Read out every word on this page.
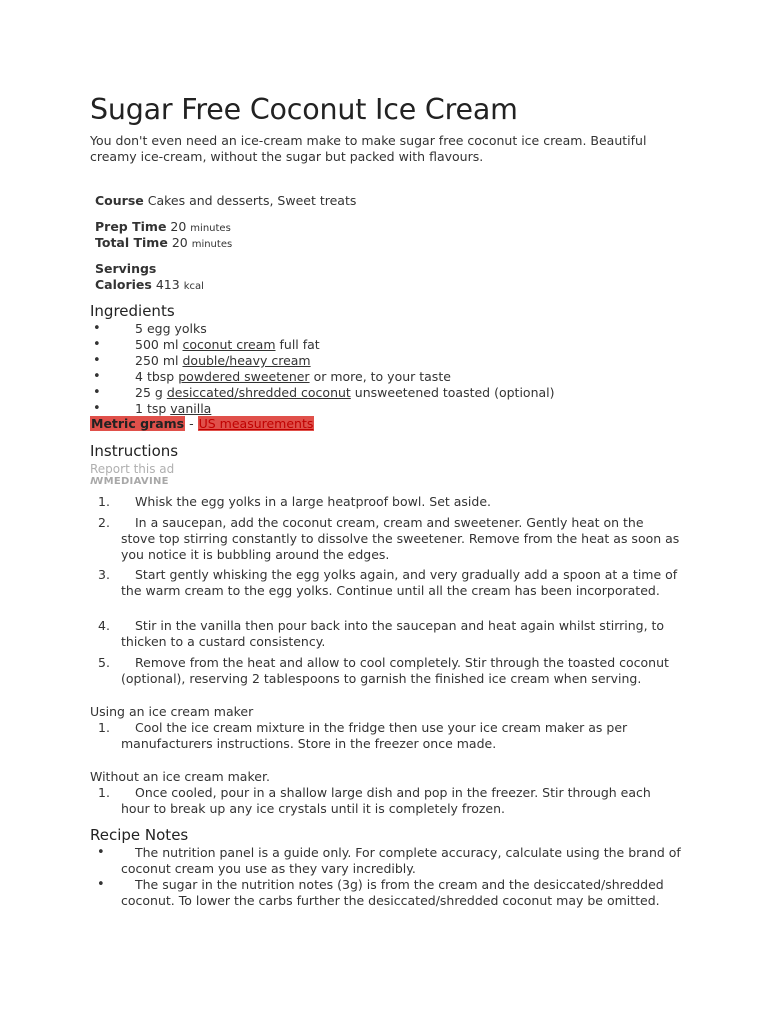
Sugar Free Coconut Ice Cream
You don't even need an ice-cream make to make sugar free coconut ice cream. Beautiful creamy ice-cream, without the sugar but packed with flavours.
Course Cakes and desserts, Sweet treats
Prep Time 20 minutes
Total Time 20 minutes
Servings
Calories 413 kcal
Ingredients
•	5 egg yolks
•	500 ml coconut cream full fat
•	250 ml double/heavy cream
•	4 tbsp powdered sweetener or more, to your taste
•	25 g desiccated/shredded coconut unsweetened toasted (optional)
•	1 tsp vanilla
Metric grams - US measurements
Instructions
Report this ad
ꟿMEDIAVINE
1.	Whisk the egg yolks in a large heatproof bowl. Set aside.
2.	In a saucepan, add the coconut cream, cream and sweetener. Gently heat on the stove top stirring constantly to dissolve the sweetener. Remove from the heat as soon as you notice it is bubbling around the edges.
3.	Start gently whisking the egg yolks again, and very gradually add a spoon at a time of the warm cream to the egg yolks. Continue until all the cream has been incorporated.
4.	Stir in the vanilla then pour back into the saucepan and heat again whilst stirring, to thicken to a custard consistency.
5.	Remove from the heat and allow to cool completely. Stir through the toasted coconut (optional), reserving 2 tablespoons to garnish the finished ice cream when serving.
Using an ice cream maker
1.	Cool the ice cream mixture in the fridge then use your ice cream maker as per manufacturers instructions. Store in the freezer once made.
Without an ice cream maker.
1.	Once cooled, pour in a shallow large dish and pop in the freezer. Stir through each hour to break up any ice crystals until it is completely frozen.
Recipe Notes
•	The nutrition panel is a guide only. For complete accuracy, calculate using the brand of coconut cream you use as they vary incredibly.
•	The sugar in the nutrition notes (3g) is from the cream and the desiccated/shredded coconut. To lower the carbs further the desiccated/shredded coconut may be omitted.
